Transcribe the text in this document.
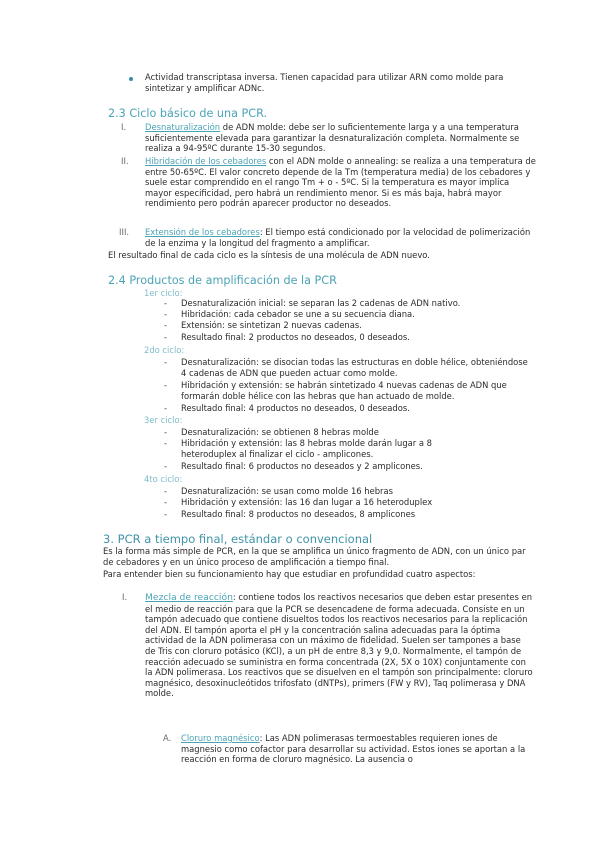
Actividad transcriptasa inversa. Tienen capacidad para utilizar ARN como molde para sintetizar y amplificar ADNc.
2.3 Ciclo básico de una PCR.
I. Desnaturalización de ADN molde: debe ser lo suficientemente larga y a una temperatura suficientemente elevada para garantizar la desnaturalización completa. Normalmente se realiza a 94-95ºC durante 15-30 segundos.
II. Hibridación de los cebadores con el ADN molde o annealing: se realiza a una temperatura de entre 50-65ºC. El valor concreto depende de la Tm (temperatura media) de los cebadores y suele estar comprendido en el rango Tm + o - 5ºC. Si la temperatura es mayor implica mayor especificidad, pero habrá un rendimiento menor. Si es más baja, habrá mayor rendimiento pero podrán aparecer productor no deseados.
III. Extensión de los cebadores: El tiempo está condicionado por la velocidad de polimerización de la enzima y la longitud del fragmento a amplificar.
El resultado final de cada ciclo es la síntesis de una molécula de ADN nuevo.
2.4 Productos de amplificación de la PCR
1er ciclo:
- Desnaturalización inicial: se separan las 2 cadenas de ADN nativo.
- Hibridación: cada cebador se une a su secuencia diana.
- Extensión: se sintetizan 2 nuevas cadenas.
- Resultado final: 2 productos no deseados, 0 deseados.
2do ciclo:
- Desnaturalización: se disocian todas las estructuras en doble hélice, obteniéndose 4 cadenas de ADN que pueden actuar como molde.
- Hibridación y extensión: se habrán sintetizado 4 nuevas cadenas de ADN que formarán doble hélice con las hebras que han actuado de molde.
- Resultado final: 4 productos no deseados, 0 deseados.
3er ciclo:
- Desnaturalización: se obtienen 8 hebras molde
- Hibridación y extensión: las 8 hebras molde darán lugar a 8 heteroduplex al finalizar el ciclo - amplicones.
- Resultado final: 6 productos no deseados y 2 amplicones.
4to ciclo:
- Desnaturalización: se usan como molde 16 hebras
- Hibridación y extensión: las 16 dan lugar a 16 heteroduplex
- Resultado final: 8 productos no deseados, 8 amplicones
3. PCR a tiempo final, estándar o convencional
Es la forma más simple de PCR, en la que se amplifica un único fragmento de ADN, con un único par de cebadores y en un único proceso de amplificación a tiempo final.
Para entender bien su funcionamiento hay que estudiar en profundidad cuatro aspectos:
I. Mezcla de reacción: contiene todos los reactivos necesarios que deben estar presentes en el medio de reacción para que la PCR se desencadene de forma adecuada. Consiste en un tampón adecuado que contiene disueltos todos los reactivos necesarios para la replicación del ADN. El tampón aporta el pH y la concentración salina adecuadas para la óptima actividad de la ADN polimerasa con un máximo de fidelidad. Suelen ser tampones a base de Tris con cloruro potásico (KCl), a un pH de entre 8,3 y 9,0. Normalmente, el tampón de reacción adecuado se suministra en forma concentrada (2X, 5X o 10X) conjuntamente con la ADN polimerasa. Los reactivos que se disuelven en el tampón son principalmente: cloruro magnésico, desoxinucleótidos trifosfato (dNTPs), primers (FW y RV), Taq polimerasa y DNA molde.
A. Cloruro magnésico: Las ADN polimerasas termoestables requieren iones de magnesio como cofactor para desarrollar su actividad. Estos iones se aportan a la reacción en forma de cloruro magnésico. La ausencia o
